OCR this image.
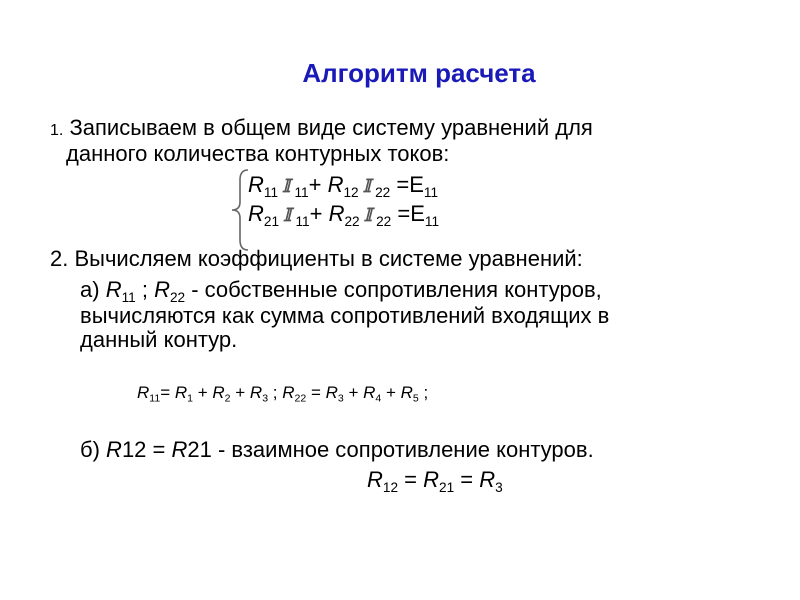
Алгоритм расчета
1. Записываем в общем виде систему уравнений для
данного количества контурных токов:
$R_{11}$ 𝕀 $_{11}+ R_{12}$ 𝕀 $_{22} =E_{11}$
$R_{21}$ 𝕀 $_{11}+ R_{22}$ 𝕀 $_{22} =E_{11}$
2. Вычисляем коэффициенты в системе уравнений:
а) $R_{11}$ ; $R_{22}$ - собственные сопротивления контуров,
вычисляются как сумма сопротивлений входящих в
данный контур.
$R_{11}= R_1 + R_2 + R_3$ ; $R_{22} = R_3 + R_4 + R_5$ ;
б) R12 = R21 - взаимное сопротивление контуров.
$R_{12} = R_{21} = R_3$
